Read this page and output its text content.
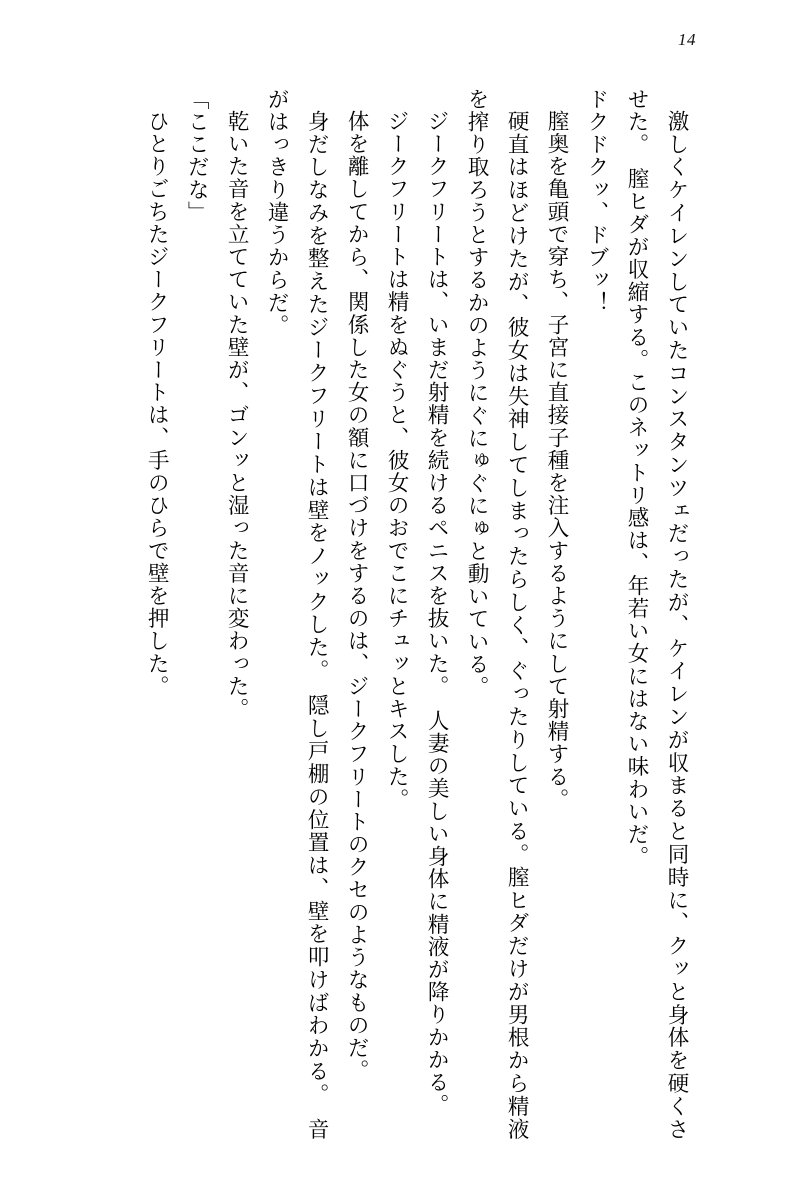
14

激しくケイレンしていたコンスタンツェだったが、ケイレンが収まると同時に、クッと身体を硬くさせた。　膣ヒダが収縮する。このネットリ感は、年若い女にはない味わいだ。

ドクドクッ、ドブッ！

膣奥を亀頭で穿ち、子宮に直接子種を注入するようにして射精する。

硬直はほどけたが、彼女は失神してしまったらしく、ぐったりしている。膣ヒダだけが男根から精液を搾り取ろうとするかのようにぐにゅぐにゅと動いている。

ジークフリートは、いまだ射精を続けるペニスを抜いた。　人妻の美しい身体に精液が降りかかる。

ジークフリートは精をぬぐうと、彼女のおでこにチュッとキスした。

体を離してから、関係した女の額に口づけをするのは、ジークフリートのクセのようなものだ。

身だしなみを整えたジークフリートは壁をノックした。　隠し戸棚の位置は、壁を叩けばわかる。　音がはっきり違うからだ。

乾いた音を立てていた壁が、ゴンッと湿った音に変わった。

「ここだな」

ひとりごちたジークフリートは、手のひらで壁を押した。
